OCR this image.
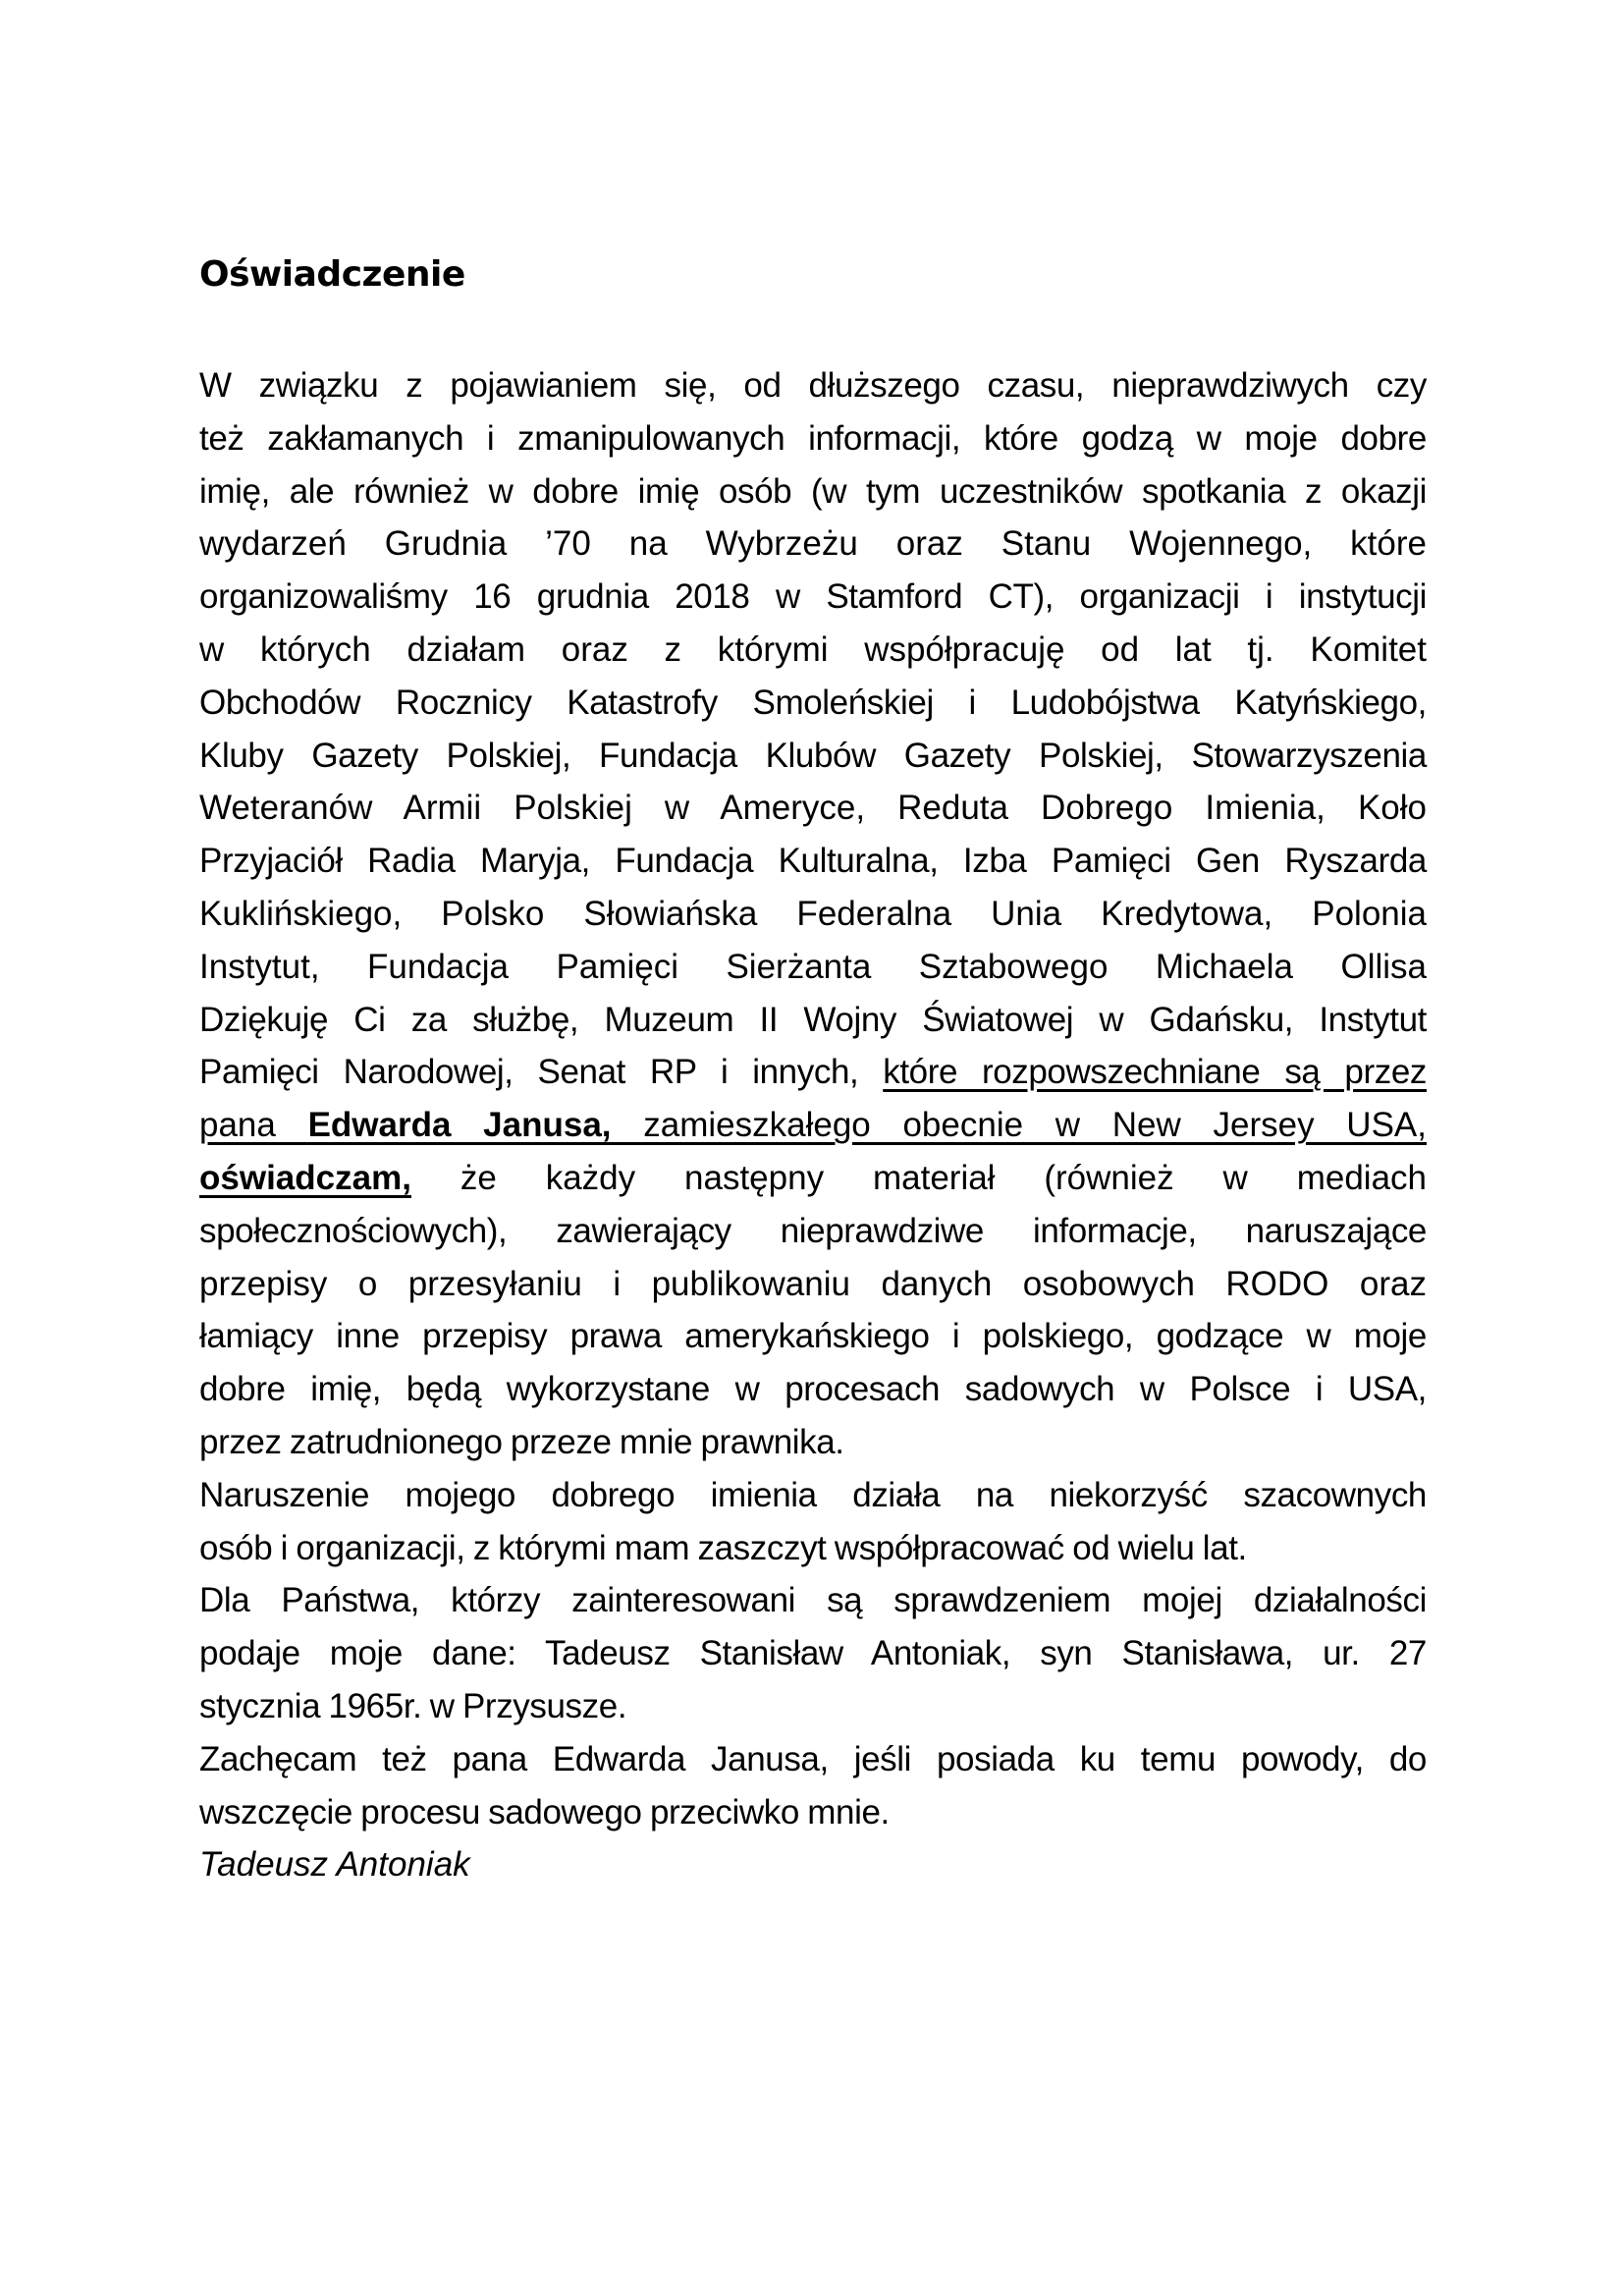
Oświadczenie
W związku z pojawianiem się, od dłuższego czasu, nieprawdziwych czy
też zakłamanych i zmanipulowanych informacji, które godzą w moje dobre
imię, ale również w dobre imię osób (w tym uczestników spotkania z okazji
wydarzeń Grudnia ’70 na Wybrzeżu oraz Stanu Wojennego, które
organizowaliśmy 16 grudnia 2018 w Stamford CT), organizacji i instytucji
w których działam oraz z którymi współpracuję od lat tj. Komitet
Obchodów Rocznicy Katastrofy Smoleńskiej i Ludobójstwa Katyńskiego,
Kluby Gazety Polskiej, Fundacja Klubów Gazety Polskiej, Stowarzyszenia
Weteranów Armii Polskiej w Ameryce, Reduta Dobrego Imienia, Koło
Przyjaciół Radia Maryja, Fundacja Kulturalna, Izba Pamięci Gen Ryszarda
Kuklińskiego, Polsko Słowiańska Federalna Unia Kredytowa, Polonia
Instytut, Fundacja Pamięci Sierżanta Sztabowego Michaela Ollisa
Dziękuję Ci za służbę, Muzeum II Wojny Światowej w Gdańsku, Instytut
Pamięci Narodowej, Senat RP i innych, które rozpowszechniane są przez
pana Edwarda Janusa, zamieszkałego obecnie w New Jersey USA,
oświadczam, że każdy następny materiał (również w mediach
społecznościowych), zawierający nieprawdziwe informacje, naruszające
przepisy o przesyłaniu i publikowaniu danych osobowych RODO oraz
łamiący inne przepisy prawa amerykańskiego i polskiego, godzące w moje
dobre imię, będą wykorzystane w procesach sadowych w Polsce i USA,
przez zatrudnionego przeze mnie prawnika.
Naruszenie mojego dobrego imienia działa na niekorzyść szacownych
osób i organizacji, z którymi mam zaszczyt współpracować od wielu lat.
Dla Państwa, którzy zainteresowani są sprawdzeniem mojej działalności
podaje moje dane: Tadeusz Stanisław Antoniak, syn Stanisława, ur. 27
stycznia 1965r. w Przysusze.
Zachęcam też pana Edwarda Janusa, jeśli posiada ku temu powody, do
wszczęcie procesu sadowego przeciwko mnie.
Tadeusz Antoniak
